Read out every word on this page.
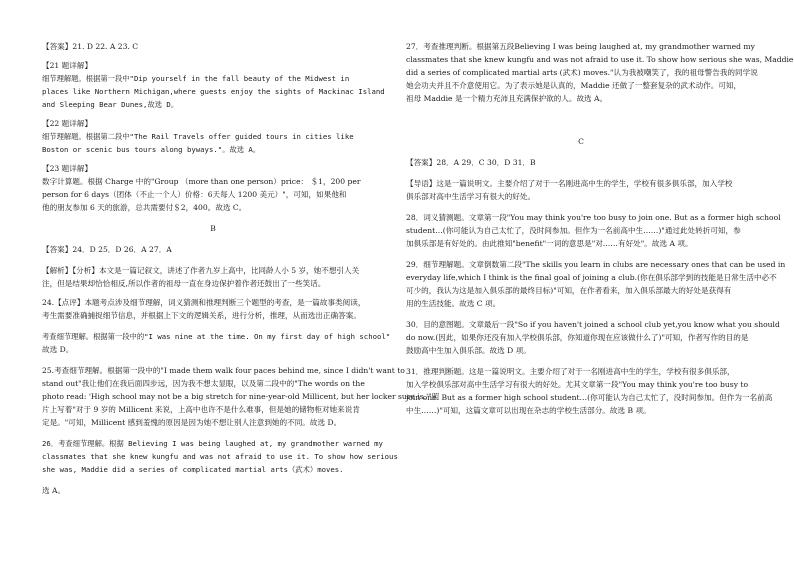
【答案】21. D 22. A 23. C
【21 题详解】
细节理解题。根据第一段中"Dip yourself in the fall beauty of the Midwest in
places like Northern Michigan,where guests enjoy the sights of Mackinac Island
and Sleeping Bear Dunes,故选 D。
【22 题详解】
细节理解题。根据第二段中"The Rail Travels offer guided tours in cities like
Boston or scenic bus tours along byways."。故选 A。
【23 题详解】
数字计算题。根据 Charge 中的"Group （more than one person）price： ＄1，200 per
person for 6 days（团体（不止一个人）价格：6天每人 1200 美元）"，可知，如果他和
他的朋友参加 6 天的旅游，总共需要付＄2，400。故选 C。
B
【答案】24．D 25．D 26．A 27．A
【解析】【分析】本文是一篇记叙文，讲述了作者九岁上高中，比同龄人小 5 岁，她不想引人关
注，但是结果却恰恰相反,所以作者的祖母一直在身边保护着作者还鼓出了一些笑话。
24.【点评】本题考点涉及细节理解，词义猜测和推理判断三个题型的考查，是一篇故事类阅读，
考生需要准确捕捉细节信息，并根据上下文的逻辑关系，进行分析，推理，从而选出正确答案。
考查细节理解。根据第一段中的"I was nine at the time. On my first day of high school"
故选 D。
25.考查细节理解。根据第一段中的"I made them walk four paces behind me, since I didn't want to
stand out"我让他们在我后面四步远，因为我不想太显眼，以及第二段中的"The words on the
photo read: 'High school may not be a big stretch for nine-year-old Millicent, but her locker sure is.'"照
片上写着"对于 9 岁的 Millicent 来说，上高中也许不是什么难事，但是她的储物柜对她来说肯
定是。"可知，Millicent 感到羞愧的原因是因为她不想让别人注意到她的不同。故选 D。
26．考查细节理解。根据 Believing I was being laughed at, my grandmother warned my
classmates that she knew kungfu and was not afraid to use it. To show how serious
she was, Maddie did a series of complicated martial arts（武术）moves.
选 A。
27．考查推理判断。根据第五段Believing I was being laughed at, my grandmother warned my
classmates that she knew kungfu and was not afraid to use it. To show how serious she was, Maddie
did a series of complicated martial arts (武术) moves."认为我被嘲笑了，我的祖母警告我的同学说
她会功夫并且不介意使用它。为了表示她是认真的，Maddie 还做了一整套复杂的武术动作。可知，
祖母 Maddie 是一个精力充沛且充满保护欲的人。故选 A。
C
【答案】28．A 29．C 30．D 31．B
【导语】这是一篇说明文。主要介绍了对于一名刚进高中生的学生，学校有很多俱乐部，加入学校
俱乐部对高中生活学习有很大的好处。
28．词义猜测题。文章第一段"You may think you're too busy to join one. But as a former high school
student…(你可能认为自己太忙了，没时间参加。但作为一名前高中生……)"通过此处转折可知，参
加俱乐部是有好处的。由此推知"benefit"一词的意思是"对……有好处"。故选 A 项。
29．细节理解题。文章倒数第二段"The skills you learn in clubs are necessary ones that can be used in
everyday life,which I think is the final goal of joining a club.(你在俱乐部学到的技能是日常生活中必不
可少的，我认为这是加入俱乐部的最终目标)"可知，在作者看来，加入俱乐部最大的好处是获得有
用的生活技能。故选 C 项。
30．目的意图题。文章最后一段"So if you haven't joined a school club yet,you know what you should
do now.(因此，如果你还没有加入学校俱乐部，你知道你现在应该做什么了)"可知，作者写作的目的是
鼓励高中生加入俱乐部。故选 D 项。
31．推理判断题。这是一篇说明文。主要介绍了对于一名刚进高中生的学生，学校有很多俱乐部，
加入学校俱乐部对高中生活学习有很大的好处。尤其文章第一段"You may think you're too busy to
join one. But as a former high school student…(你可能认为自己太忙了，没时间参加。但作为一名前高
中生……)"可知，这篇文章可以出现在杂志的学校生活部分。故选 B 项。
